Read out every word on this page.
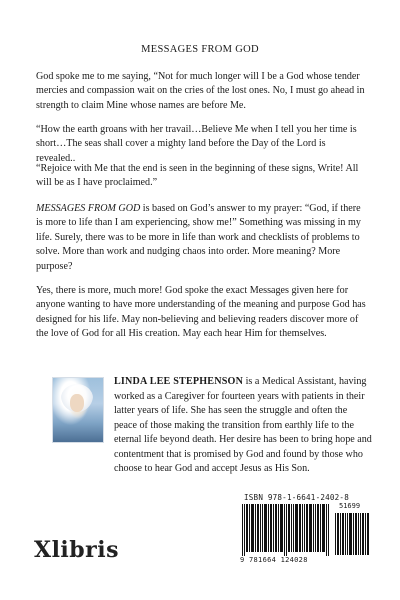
MESSAGES FROM GOD

God spoke me to me saying, “Not for much longer will I be a God whose tender mercies and compassion wait on the cries of the lost ones. No, I must go ahead in strength to claim Mine whose names are before Me.

“How the earth groans with her travail…Believe Me when I tell you her time is short…The seas shall cover a mighty land before the Day of the Lord is revealed..

“Rejoice with Me that the end is seen in the beginning of these signs, Write! All will be as I have proclaimed.”

MESSAGES FROM GOD is based on God’s answer to my prayer: “God, if there is more to life than I am experiencing, show me!” Something was missing in my life. Surely, there was to be more in life than work and checklists of problems to solve. More than work and nudging chaos into order. More meaning? More purpose?

Yes, there is more, much more! God spoke the exact Messages given here for anyone wanting to have more understanding of the meaning and purpose God has designed for his life. May non-believing and believing readers discover more of the love of God for all His creation. May each hear Him for themselves.

LINDA LEE STEPHENSON is a Medical Assistant, having worked as a Caregiver for fourteen years with patients in their latter years of life. She has seen the struggle and often the peace of those making the transition from earthly life to the eternal life beyond death. Her desire has been to bring hope and contentment that is promised by God and found by those who choose to hear God and accept Jesus as His Son.

Xlibris
ISBN 978-1-6641-2402-8
51699
9 781664 124028
